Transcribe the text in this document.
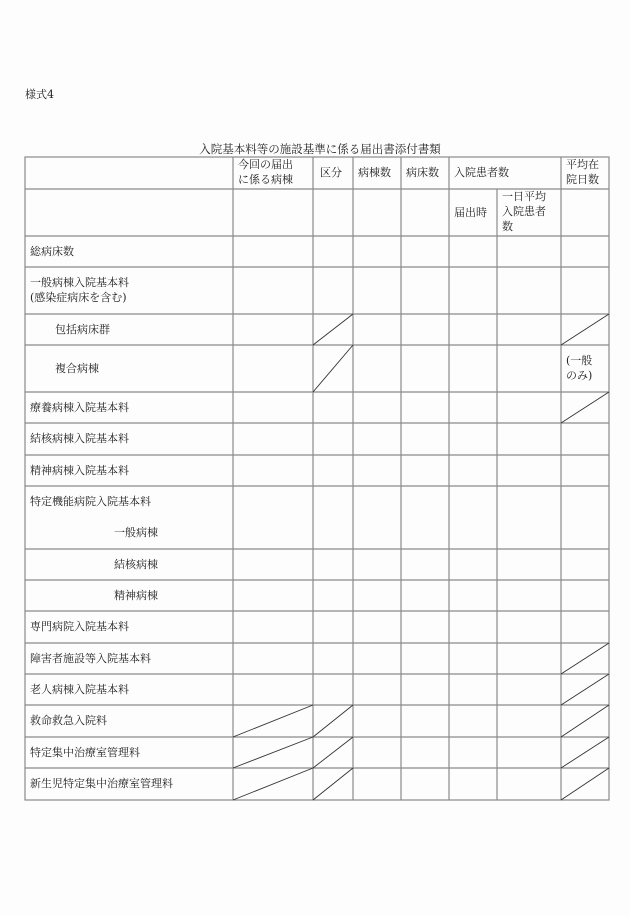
様式4
入院基本料等の施設基準に係る届出書添付書類
今回の届出
に係る病棟
区分 病棟数 病床数 入院患者数
平均在
院日数
届出時
一日平均
入院患者
数
総病床数
一般病棟入院基本料
(感染症病床を含む)
包括病床群
複合病棟
(一般
のみ)
療養病棟入院基本料
結核病棟入院基本料
精神病棟入院基本料
特定機能病院入院基本料
一般病棟
結核病棟
精神病棟
専門病院入院基本料
障害者施設等入院基本料
老人病棟入院基本料
救命救急入院料
特定集中治療室管理料
新生児特定集中治療室管理料
